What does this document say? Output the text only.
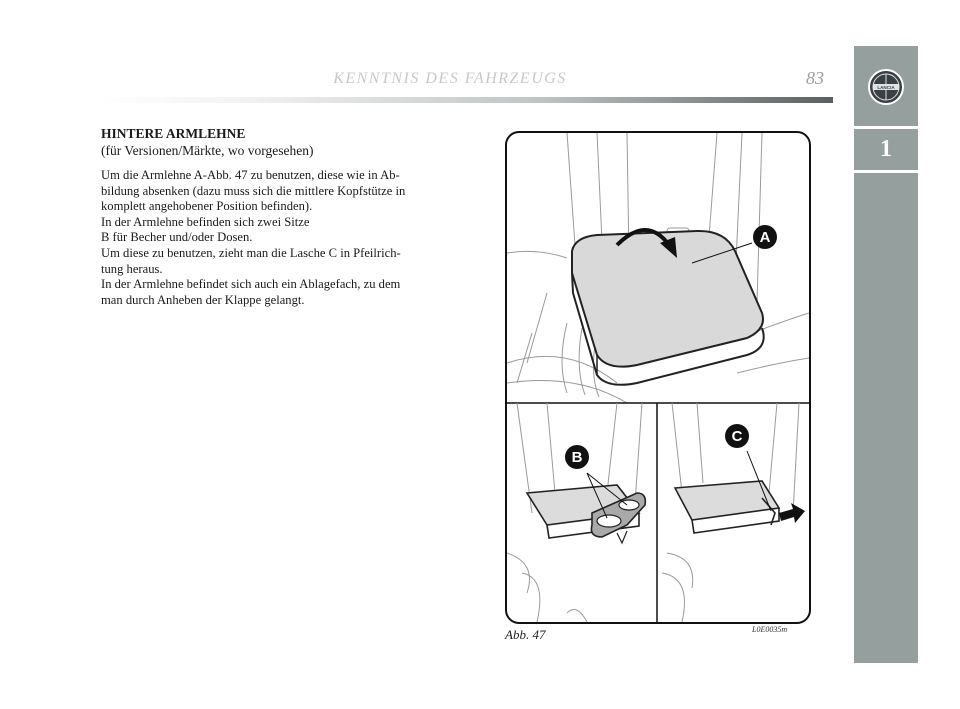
KENNTNIS DES FAHRZEUGS	83	LANCIA
1
HINTERE ARMLEHNE
(für Versionen/Märkte, wo vorgesehen)

Um die Armlehne A-Abb. 47 zu benutzen, diese wie in Ab-

bildung absenken (dazu muss sich die mittlere Kopfstütze in

komplett angehobener Position befinden).

In der Armlehne befinden sich zwei Sitze

B für Becher und/oder Dosen.

Um diese zu benutzen, zieht man die Lasche C in Pfeilrich-

tung heraus.

In der Armlehne befindet sich auch ein Ablagefach, zu dem

man durch Anheben der Klappe gelangt.

A
B
C
Abb. 47	L0E0035m
